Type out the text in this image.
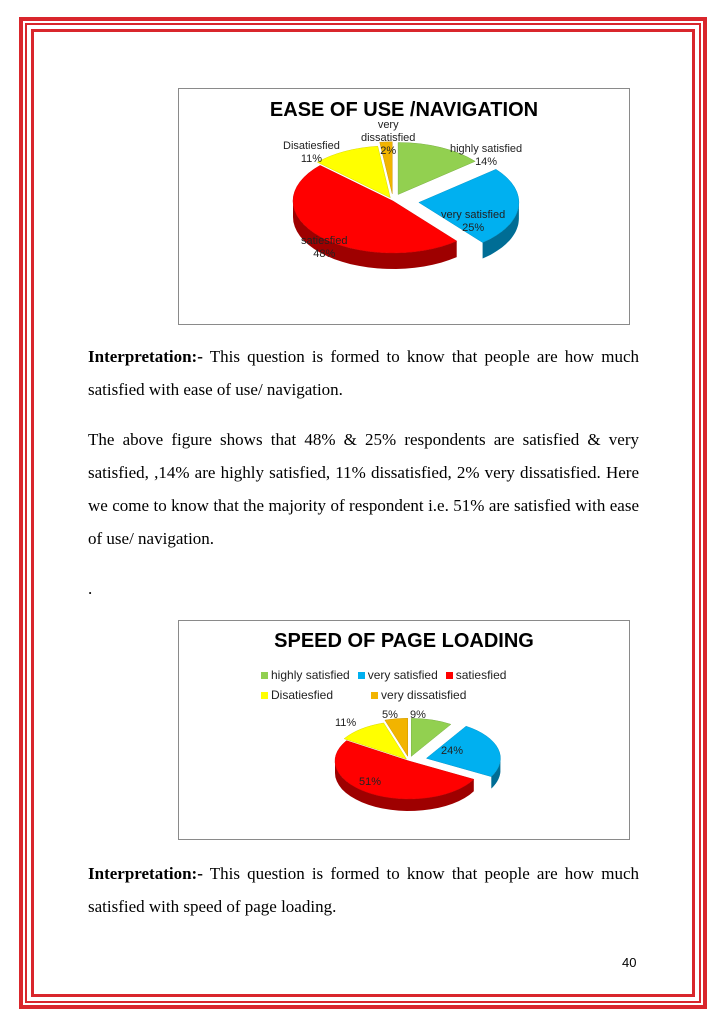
EASE OF USE /NAVIGATION
Disatiesfied
11%
very
dissatisfied
2%	highly satisfied
14%
very satisfied
25%
satiesfied
48%
Interpretation:- This question is formed to know that people are how much satisfied with ease of use/ navigation.
The above figure shows that 48% & 25% respondents are satisfied & very satisfied, ,14% are highly satisfied, 11% dissatisfied, 2% very dissatisfied. Here we come to know that the majority of respondent i.e. 51% are satisfied with ease of use/ navigation.
.
SPEED OF PAGE LOADING
highly satisfied very satisfied satiesfied
Disatiesfied	very dissatisfied
11%
5% 9%
24%
51%
Interpretation:- This question is formed to know that people are how much satisfied with speed of page loading.
40
